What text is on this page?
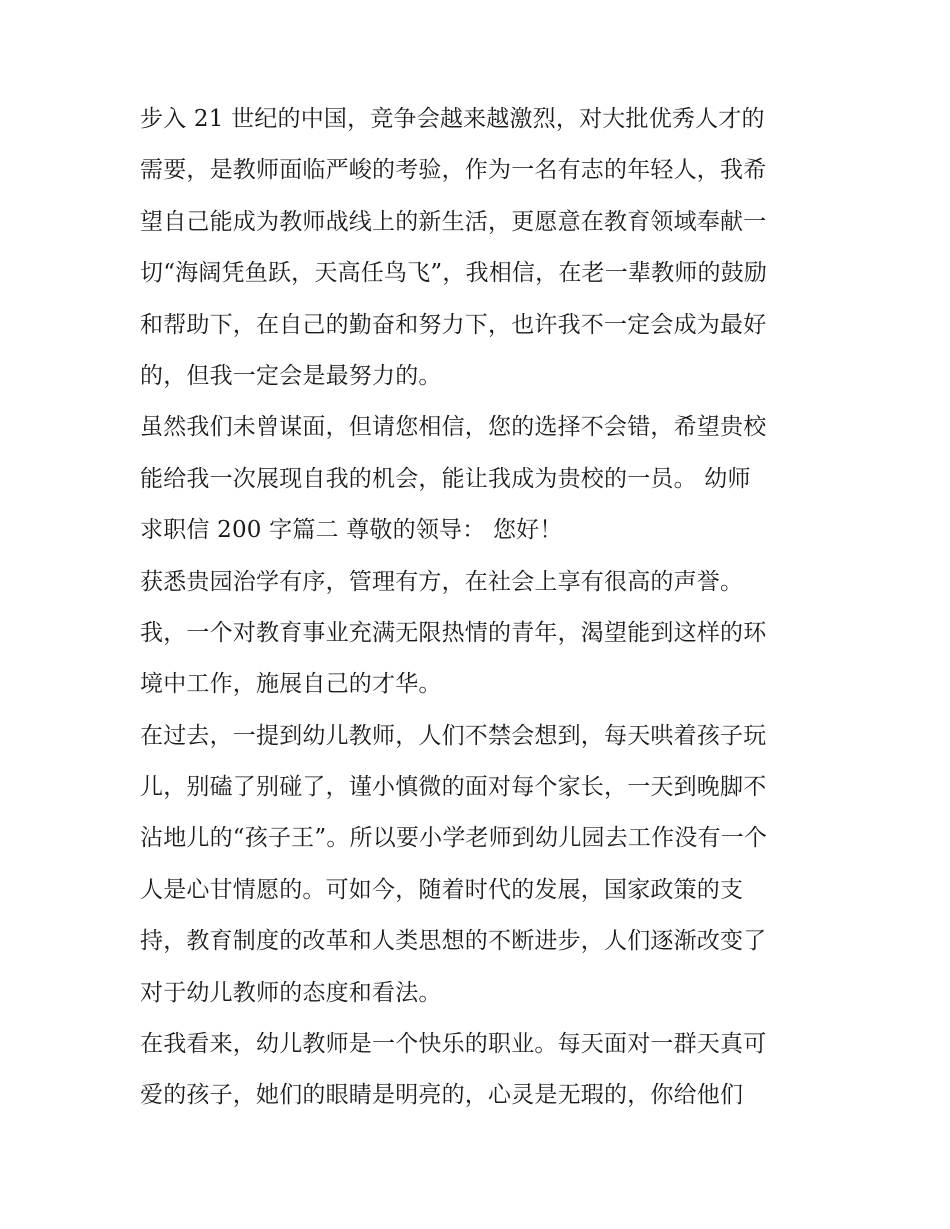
步入 21 世纪的中国，竞争会越来越激烈，对大批优秀人才的
需要，是教师面临严峻的考验，作为一名有志的年轻人，我希
望自己能成为教师战线上的新生活，更愿意在教育领域奉献一
切“海阔凭鱼跃，天高任鸟飞”，我相信，在老一辈教师的鼓励
和帮助下，在自己的勤奋和努力下，也许我不一定会成为最好
的，但我一定会是最努力的。
虽然我们未曾谋面，但请您相信，您的选择不会错，希望贵校
能给我一次展现自我的机会，能让我成为贵校的一员。 幼师
求职信 200 字篇二 尊敬的领导： 您好！
获悉贵园治学有序，管理有方，在社会上享有很高的声誉。
我，一个对教育事业充满无限热情的青年，渴望能到这样的环
境中工作，施展自己的才华。
在过去，一提到幼儿教师，人们不禁会想到，每天哄着孩子玩
儿，别磕了别碰了，谨小慎微的面对每个家长，一天到晚脚不
沾地儿的“孩子王”。所以要小学老师到幼儿园去工作没有一个
人是心甘情愿的。可如今，随着时代的发展，国家政策的支
持，教育制度的改革和人类思想的不断进步，人们逐渐改变了
对于幼儿教师的态度和看法。
在我看来，幼儿教师是一个快乐的职业。每天面对一群天真可
爱的孩子，她们的眼睛是明亮的，心灵是无瑕的，你给他们
